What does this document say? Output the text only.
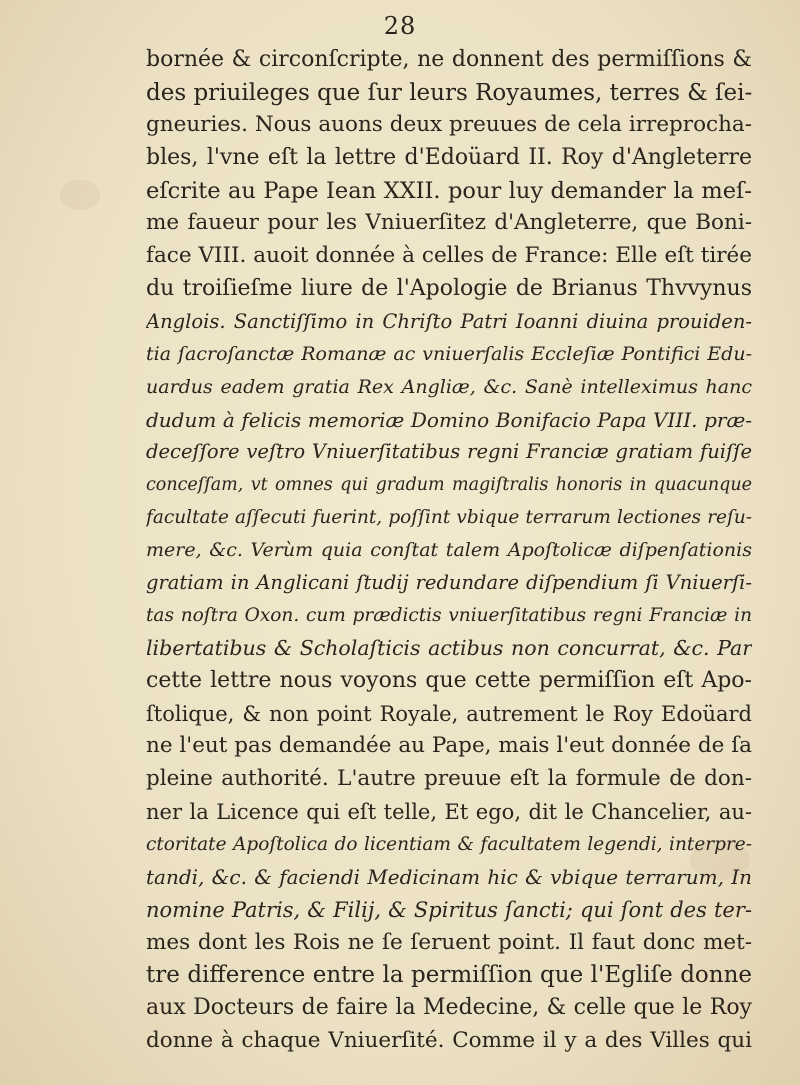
28
bornée & circonſcripte, ne donnent des permiſſions &
des priuileges que ſur leurs Royaumes, terres & ſei-
gneuries. Nous auons deux preuues de cela irreprocha-
bles, l'vne eſt la lettre d'Edoüard II. Roy d'Angleterre
eſcrite au Pape Iean XXII. pour luy demander la meſ-
me faueur pour les Vniuerſitez d'Angleterre, que Boni-
face VIII. auoit donnée à celles de France: Elle eſt tirée
du troiſieſme liure de l'Apologie de Brianus Thvvynus
Anglois. Sanctiſſimo in Chriſto Patri Ioanni diuina prouiden-
tia ſacroſanctæ Romanæ ac vniuerſalis Eccleſiæ Pontifici Edu-
uardus eadem gratia Rex Angliæ, &c. Sanè intelleximus hanc
dudum à felicis memoriæ Domino Bonifacio Papa VIII. præ-
deceſſore veſtro Vniuerſitatibus regni Franciæ gratiam fuiſſe
conceſſam, vt omnes qui gradum magiſtralis honoris in quacunque
facultate aſſecuti fuerint, poſſint vbique terrarum lectiones reſu-
mere, &c. Verùm quia conſtat talem Apoſtolicæ diſpenſationis
gratiam in Anglicani ſtudij redundare diſpendium ſi Vniuerſi-
tas noſtra Oxon. cum prædictis vniuerſitatibus regni Franciæ in
libertatibus & Scholaſticis actibus non concurrat, &c. Par
cette lettre nous voyons que cette permiſſion eſt Apo-
ſtolique, & non point Royale, autrement le Roy Edoüard
ne l'eut pas demandée au Pape, mais l'eut donnée de ſa
pleine authorité. L'autre preuue eſt la formule de don-
ner la Licence qui eſt telle, Et ego, dit le Chancelier, au-
ctoritate Apoſtolica do licentiam & facultatem legendi, interpre-
tandi, &c. & faciendi Medicinam hic & vbique terrarum, In
nomine Patris, & Filij, & Spiritus ſancti; qui ſont des ter-
mes dont les Rois ne ſe ſeruent point. Il faut donc met-
tre difference entre la permiſſion que l'Egliſe donne
aux Docteurs de faire la Medecine, & celle que le Roy
donne à chaque Vniuerſité. Comme il y a des Villes qui
